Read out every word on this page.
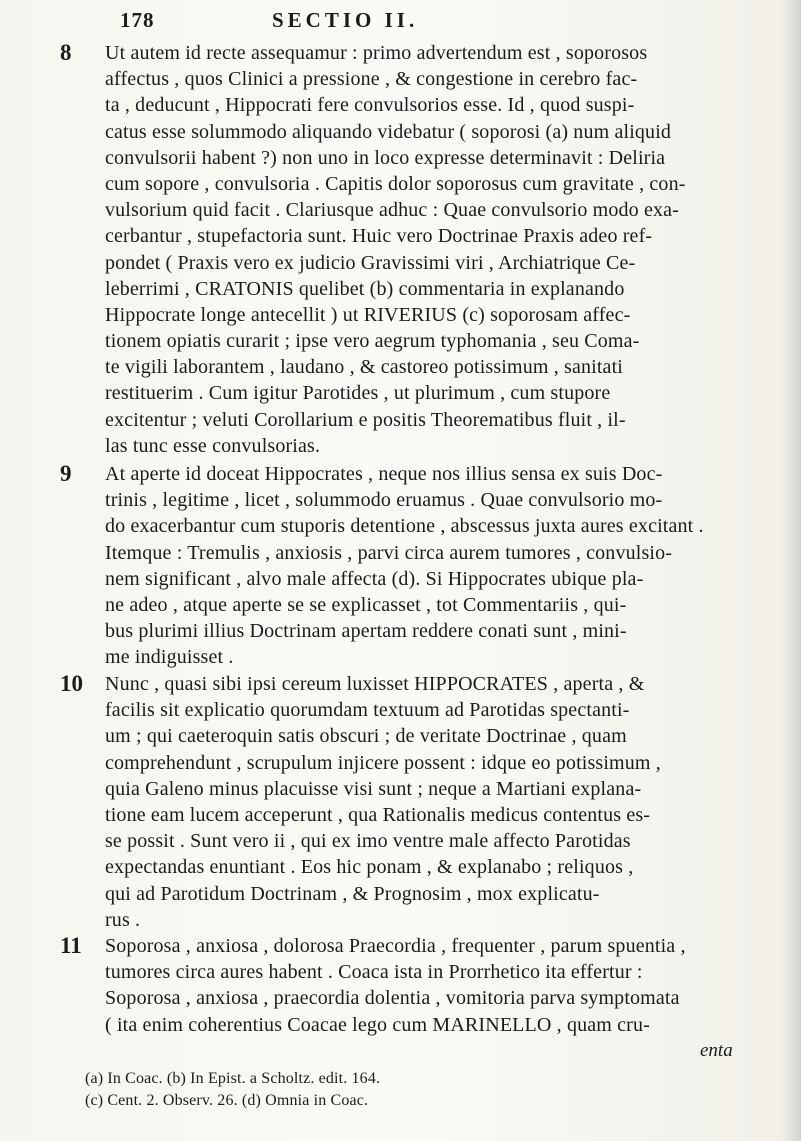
178	SECTIO II.
8 Ut autem id recte assequamur : primo advertendum est , soporosos
affectus , quos Clinici a pressione , & congestione in cerebro fac-
ta , deducunt , Hippocrati fere convulsorios esse. Id , quod suspi-
catus esse solummodo aliquando videbatur ( soporosi (a) num aliquid
convulsorii habent ?) non uno in loco expresse determinavit : Deliria
cum sopore , convulsoria . Capitis dolor soporosus cum gravitate , con-
vulsorium quid facit . Clariusque adhuc : Quae convulsorio modo exa-
cerbantur , stupefactoria sunt. Huic vero Doctrinae Praxis adeo ref-
pondet ( Praxis vero ex judicio Gravissimi viri , Archiatrique Ce-
leberrimi , CRATONIS quelibet (b) commentaria in explanando
Hippocrate longe antecellit ) ut RIVERIUS (c) soporosam affec-
tionem opiatis curarit ; ipse vero aegrum typhomania , seu Coma-
te vigili laborantem , laudano , & castoreo potissimum , sanitati
restituerim . Cum igitur Parotides , ut plurimum , cum stupore
excitentur ; veluti Corollarium e positis Theorematibus fluit , il-
las tunc esse convulsorias.
9 At aperte id doceat Hippocrates , neque nos illius sensa ex suis Doc-
trinis , legitime , licet , solummodo eruamus . Quae convulsorio mo-
do exacerbantur cum stuporis detentione , abscessus juxta aures excitant .
Itemque : Tremulis , anxiosis , parvi circa aurem tumores , convulsio-
nem significant , alvo male affecta (d). Si Hippocrates ubique pla-
ne adeo , atque aperte se se explicasset , tot Commentariis , qui-
bus plurimi illius Doctrinam apertam reddere conati sunt , mini-
me indiguisset .
10 Nunc , quasi sibi ipsi cereum luxisset HIPPOCRATES , aperta , &
facilis sit explicatio quorumdam textuum ad Parotidas spectanti-
um ; qui caeteroquin satis obscuri ; de veritate Doctrinae , quam
comprehendunt , scrupulum injicere possent : idque eo potissimum ,
quia Galeno minus placuisse visi sunt ; neque a Martiani explana-
tione eam lucem acceperunt , qua Rationalis medicus contentus es-
se possit . Sunt vero ii , qui ex imo ventre male affecto Parotidas
expectandas enuntiant . Eos hic ponam , & explanabo ; reliquos ,
qui ad Parotidum Doctrinam , & Prognosim , mox explicatu-
rus .
11 Soporosa , anxiosa , dolorosa Praecordia , frequenter , parum spuentia ,
tumores circa aures habent . Coaca ista in Prorrhetico ita effertur :
Soporosa , anxiosa , praecordia dolentia , vomitoria parva symptomata
( ita enim coherentius Coacae lego cum MARINELLO , quam cru-
enta
(a) In Coac. (b) In Epist. a Scholtz. edit. 164.
(c) Cent. 2. Observ. 26. (d) Omnia in Coac.
